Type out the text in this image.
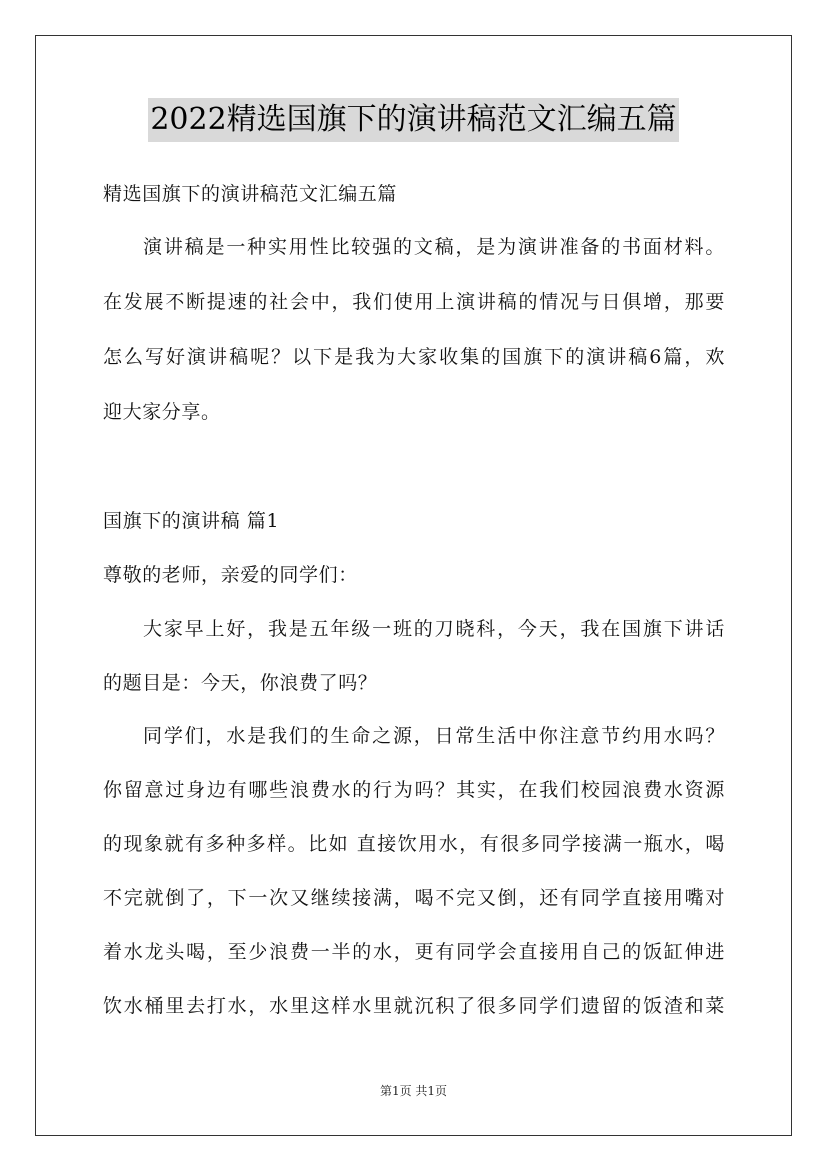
2022精选国旗下的演讲稿范文汇编五篇
精选国旗下的演讲稿范文汇编五篇
演讲稿是一种实用性比较强的文稿，是为演讲准备的书面材料。
在发展不断提速的社会中，我们使用上演讲稿的情况与日俱增，那要
怎么写好演讲稿呢？以下是我为大家收集的国旗下的演讲稿6篇，欢
迎大家分享。
国旗下的演讲稿 篇1
尊敬的老师，亲爱的同学们：
大家早上好，我是五年级一班的刀晓科，今天，我在国旗下讲话
的题目是：今天，你浪费了吗？
同学们，水是我们的生命之源，日常生活中你注意节约用水吗？
你留意过身边有哪些浪费水的行为吗？其实，在我们校园浪费水资源
的现象就有多种多样。比如 直接饮用水，有很多同学接满一瓶水，喝
不完就倒了，下一次又继续接满，喝不完又倒，还有同学直接用嘴对
着水龙头喝，至少浪费一半的水，更有同学会直接用自己的饭缸伸进
饮水桶里去打水，水里这样水里就沉积了很多同学们遗留的饭渣和菜
第1页 共1页
